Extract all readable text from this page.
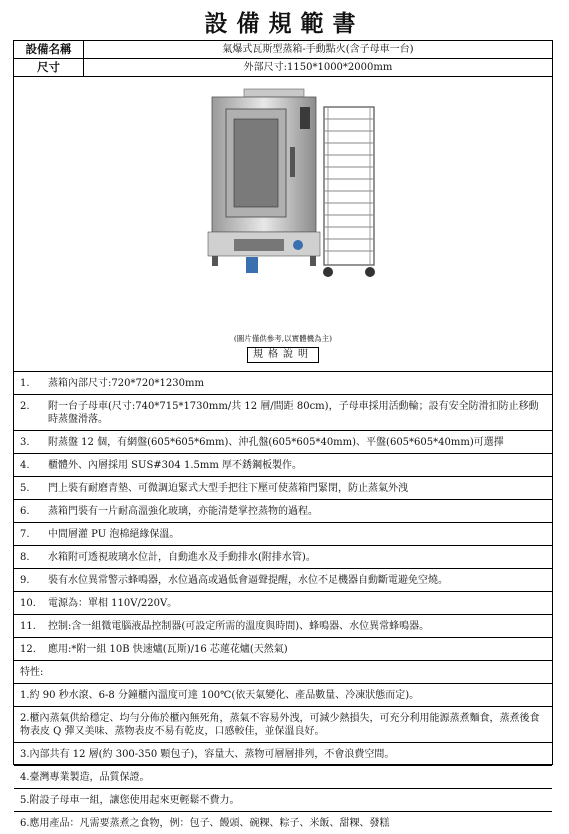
設備規範書
設備名稱	氣爆式瓦斯型蒸箱-手動點火(含子母車一台)
尺寸	外部尺寸:1150*1000*2000mm
(圖片僅供參考,以實體機為主)
規格說明
1. 蒸箱內部尺寸:720*720*1230mm
2. 附一台子母車(尺寸:740*715*1730mm/共 12 層/間距 80cm)，子母車採用活動輪；設有安全防滑扣防止移動時蒸盤滑落。
3. 附蒸盤 12 個，有網盤(605*605*6mm)、沖孔盤(605*605*40mm)、平盤(605*605*40mm)可選擇
4. 櫃體外、內層採用 SUS#304 1.5mm 厚不銹鋼板製作。
5. 門上裝有耐磨青墊、可微調迫緊式大型手把往下壓可使蒸箱門緊閉，防止蒸氣外洩
6. 蒸箱門裝有一片耐高溫強化玻璃，亦能清楚掌控蒸物的過程。
7. 中間層灌 PU 泡棉絕緣保溫。
8. 水箱附可透視玻璃水位計，自動進水及手動排水(附排水管)。
9. 裝有水位異常警示蜂鳴器，水位過高或過低會逼聲提醒，水位不足機器自動斷電避免空燒。
10. 電源為：單相 110V/220V。
11. 控制:含一組微電腦液晶控制器(可設定所需的溫度與時間)、蜂鳴器、水位異常蜂鳴器。
12. 應用:*附一組 10B 快速爐(瓦斯)/16 芯蓮花爐(天然氣)
特性:
1.約 90 秒水滾、6-8 分鐘櫃內溫度可達 100℃(依天氣變化、產品數量、冷凍狀態而定)。
2.櫃內蒸氣供給穩定、均勻分佈於櫃內無死角，蒸氣不容易外洩，可減少熱損失，可充分利用能源蒸煮麵食，蒸煮後食物表皮 Q 彈又美味、蒸物表皮不易有乾皮，口感較佳，並保溫良好。
3.內部共有 12 層(約 300-350 顆包子)，容量大、蒸物可層層排列，不會浪費空間。
4.臺灣專業製造，品質保證。
5.附設子母車一組，讓您使用起來更輕鬆不費力。
6.應用產品：凡需要蒸煮之食物，例：包子、饅頭、碗粿、粽子、米飯、甜粿、發糕
